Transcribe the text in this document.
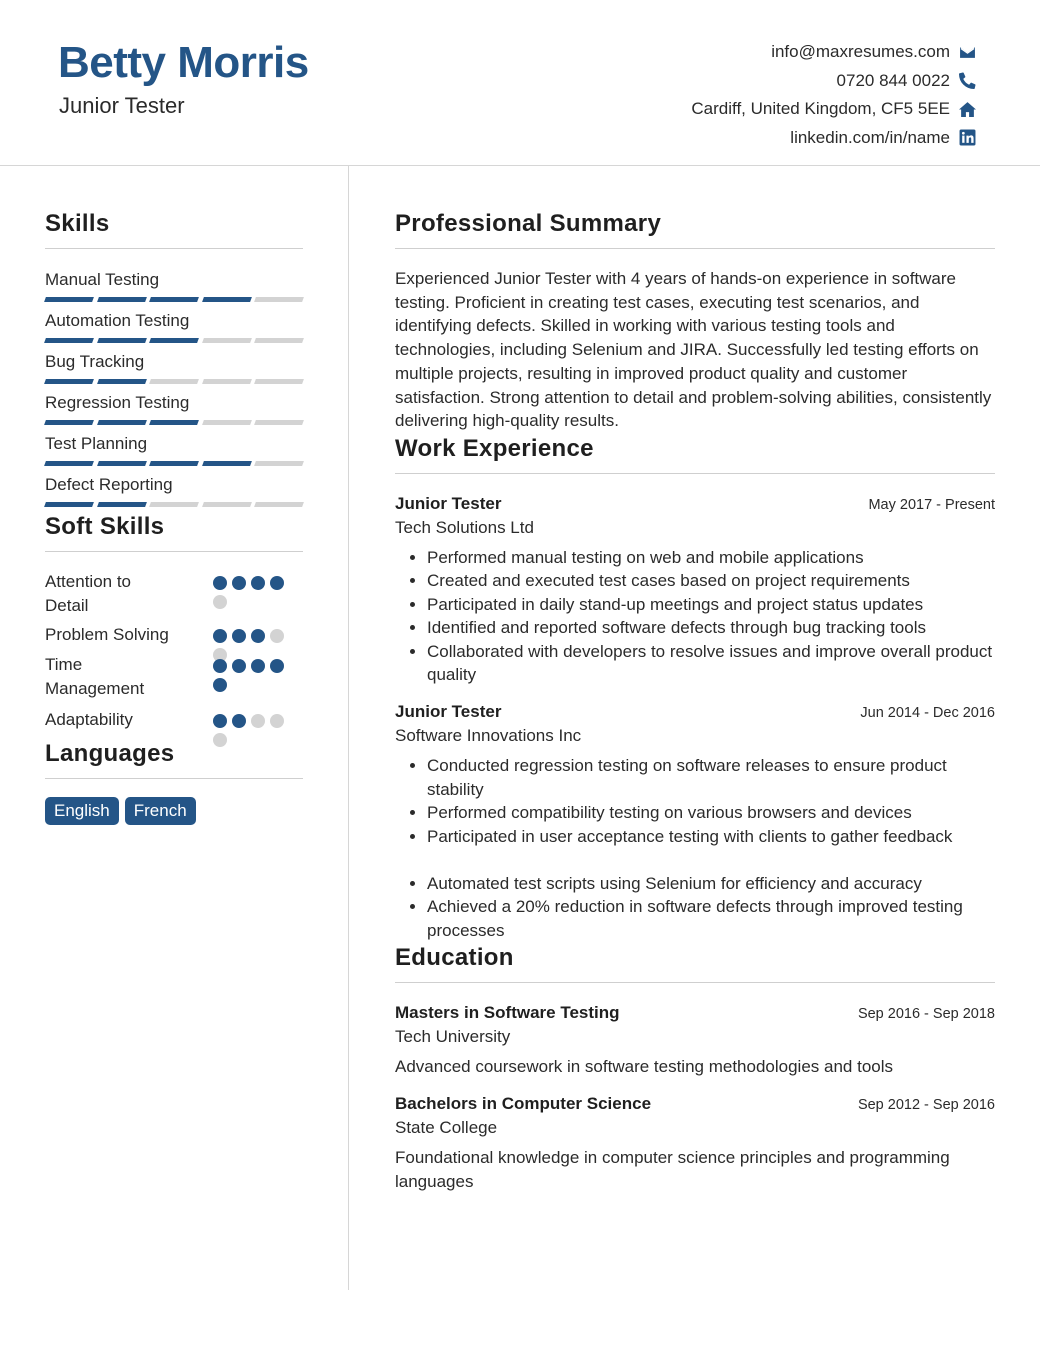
Betty Morris
Junior Tester
info@maxresumes.com
0720 844 0022
Cardiff, United Kingdom, CF5 5EE
linkedin.com/in/name
Skills
Manual Testing
Automation Testing
Bug Tracking
Regression Testing
Test Planning
Defect Reporting
Soft Skills
Attention to Detail
Problem Solving
Time Management
Adaptability
Languages
English	French
Professional Summary

Experienced Junior Tester with 4 years of hands-on experience in software testing. Proficient in creating test cases, executing test scenarios, and identifying defects. Skilled in working with various testing tools and technologies, including Selenium and JIRA. Successfully led testing efforts on multiple projects, resulting in improved product quality and customer satisfaction. Strong attention to detail and problem-solving abilities, consistently delivering high-quality results.

Work Experience
Junior Tester	May 2017 - Present
Tech Solutions Ltd
• Performed manual testing on web and mobile applications
• Created and executed test cases based on project requirements
• Participated in daily stand-up meetings and project status updates
• Identified and reported software defects through bug tracking tools
• Collaborated with developers to resolve issues and improve overall product quality
Junior Tester	Jun 2014 - Dec 2016
Software Innovations Inc
• Conducted regression testing on software releases to ensure product stability
• Performed compatibility testing on various browsers and devices
• Participated in user acceptance testing with clients to gather feedback
• Automated test scripts using Selenium for efficiency and accuracy
• Achieved a 20% reduction in software defects through improved testing processes
Education
Masters in Software Testing	Sep 2016 - Sep 2018
Tech University
Advanced coursework in software testing methodologies and tools
Bachelors in Computer Science	Sep 2012 - Sep 2016
State College
Foundational knowledge in computer science principles and programming languages
